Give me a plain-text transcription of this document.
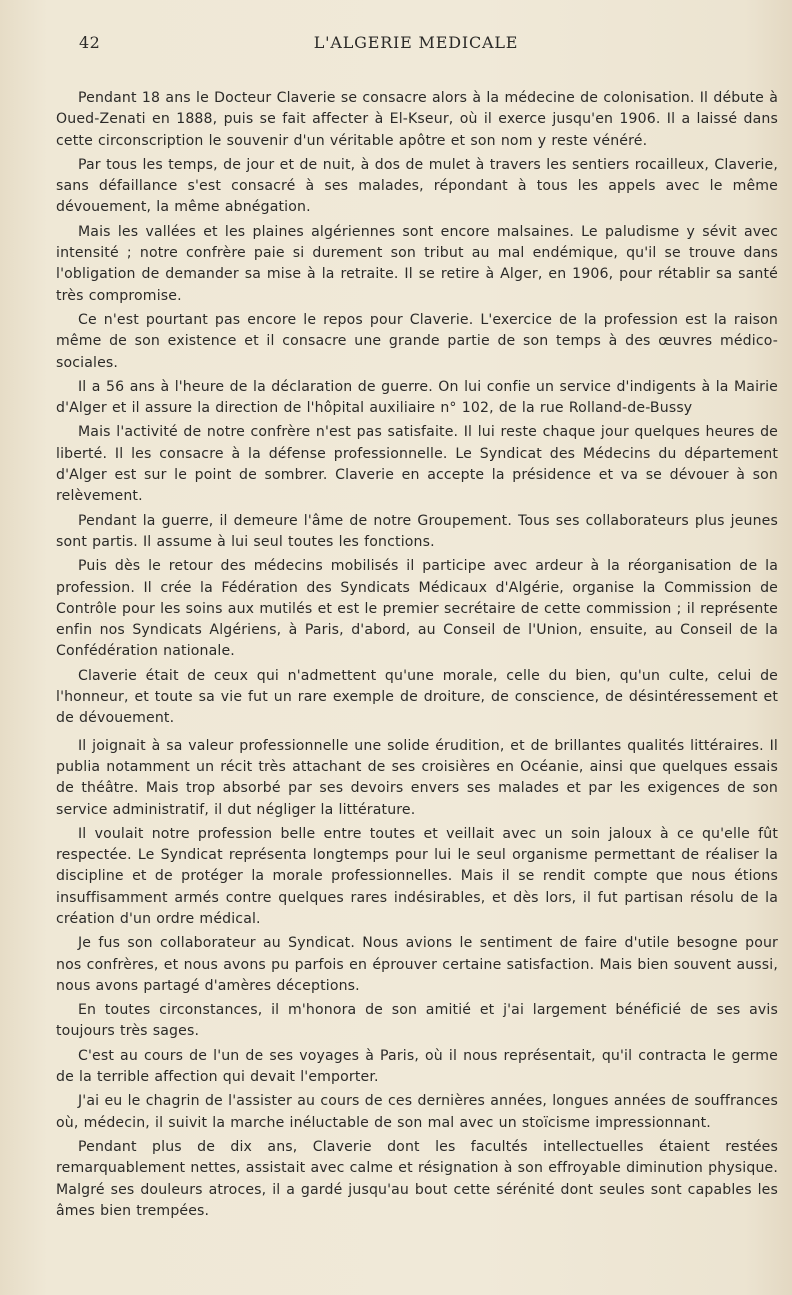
42	L'ALGERIE MEDICALE

Pendant 18 ans le Docteur Claverie se consacre alors à la médecine de colonisation. Il débute à Oued-Zenati en 1888, puis se fait affecter à El-Kseur, où il exerce jusqu'en 1906. Il a laissé dans cette circonscription le souvenir d'un véritable apôtre et son nom y reste vénéré.

Par tous les temps, de jour et de nuit, à dos de mulet à travers les sentiers rocailleux, Claverie, sans défaillance s'est consacré à ses malades, répondant à tous les appels avec le même dévouement, la même abnégation.

Mais les vallées et les plaines algériennes sont encore malsaines. Le paludisme y sévit avec intensité ; notre confrère paie si durement son tribut au mal endémique, qu'il se trouve dans l'obligation de demander sa mise à la retraite. Il se retire à Alger, en 1906, pour rétablir sa santé très compromise.

Ce n'est pourtant pas encore le repos pour Claverie. L'exercice de la profession est la raison même de son existence et il consacre une grande partie de son temps à des œuvres médico-sociales.

Il a 56 ans à l'heure de la déclaration de guerre. On lui confie un service d'indigents à la Mairie d'Alger et il assure la direction de l'hôpital auxiliaire n° 102, de la rue Rolland-de-Bussy

Mais l'activité de notre confrère n'est pas satisfaite. Il lui reste chaque jour quelques heures de liberté. Il les consacre à la défense professionnelle. Le Syndicat des Médecins du département d'Alger est sur le point de sombrer. Claverie en accepte la présidence et va se dévouer à son relèvement.

Pendant la guerre, il demeure l'âme de notre Groupement. Tous ses collaborateurs plus jeunes sont partis. Il assume à lui seul toutes les fonctions.

Puis dès le retour des médecins mobilisés il participe avec ardeur à la réorganisation de la profession. Il crée la Fédération des Syndicats Médicaux d'Algérie, organise la Commission de Contrôle pour les soins aux mutilés et est le premier secrétaire de cette commission ; il représente enfin nos Syndicats Algériens, à Paris, d'abord, au Conseil de l'Union, ensuite, au Conseil de la Confédération nationale.

Claverie était de ceux qui n'admettent qu'une morale, celle du bien, qu'un culte, celui de l'honneur, et toute sa vie fut un rare exemple de droiture, de conscience, de désintéressement et de dévouement.

Il joignait à sa valeur professionnelle une solide érudition, et de brillantes qualités littéraires. Il publia notamment un récit très attachant de ses croisières en Océanie, ainsi que quelques essais de théâtre. Mais trop absorbé par ses devoirs envers ses malades et par les exigences de son service administratif, il dut négliger la littérature.

Il voulait notre profession belle entre toutes et veillait avec un soin jaloux à ce qu'elle fût respectée. Le Syndicat représenta longtemps pour lui le seul organisme permettant de réaliser la discipline et de protéger la morale professionnelles. Mais il se rendit compte que nous étions insuffisamment armés contre quelques rares indésirables, et dès lors, il fut partisan résolu de la création d'un ordre médical.

Je fus son collaborateur au Syndicat. Nous avions le sentiment de faire d'utile besogne pour nos confrères, et nous avons pu parfois en éprouver certaine satisfaction. Mais bien souvent aussi, nous avons partagé d'amères déceptions.

En toutes circonstances, il m'honora de son amitié et j'ai largement bénéficié de ses avis toujours très sages.

C'est au cours de l'un de ses voyages à Paris, où il nous représentait, qu'il contracta le germe de la terrible affection qui devait l'emporter.

J'ai eu le chagrin de l'assister au cours de ces dernières années, longues années de souffrances où, médecin, il suivit la marche inéluctable de son mal avec un stoïcisme impressionnant.

Pendant plus de dix ans, Claverie dont les facultés intellectuelles étaient restées remarquablement nettes, assistait avec calme et résignation à son effroyable diminution physique. Malgré ses douleurs atroces, il a gardé jusqu'au bout cette sérénité dont seules sont capables les âmes bien trempées.
